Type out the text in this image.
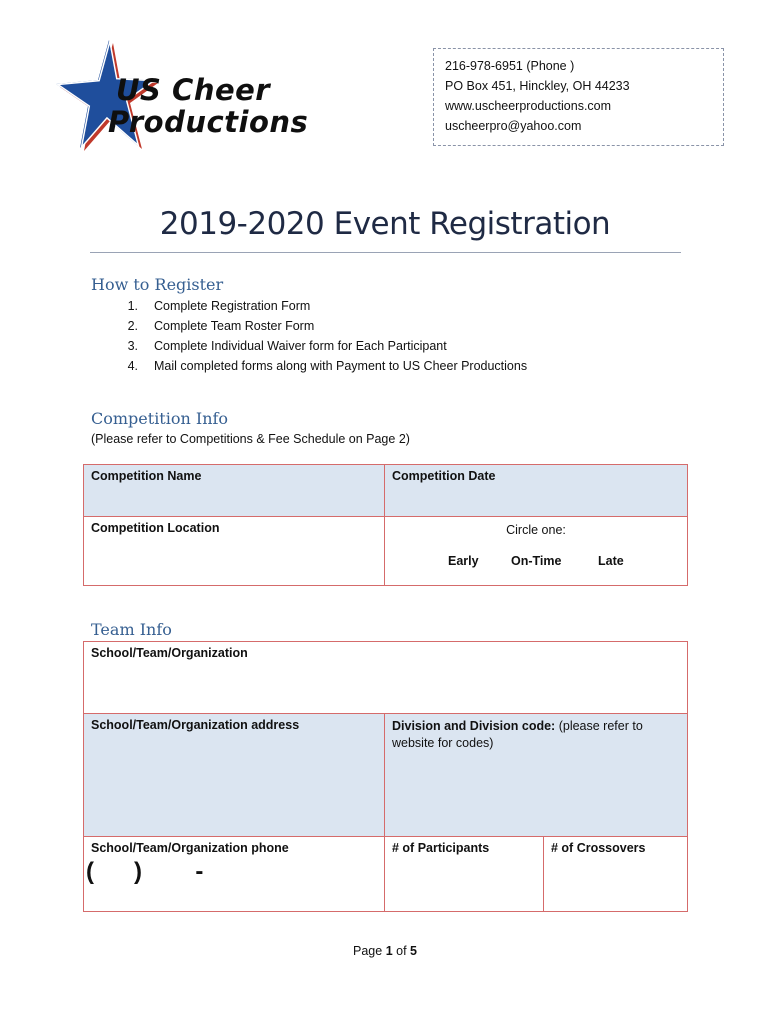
US Cheer
Productions
216-978-6951 (Phone )
PO Box 451, Hinckley, OH 44233
www.uscheerproductions.com
uscheerpro@yahoo.com
2019-2020 Event Registration
How to Register
1. Complete Registration Form
2. Complete Team Roster Form
3. Complete Individual Waiver form for Each Participant
4. Mail completed forms along with Payment to US Cheer Productions
Competition Info
(Please refer to Competitions & Fee Schedule on Page 2)
Competition Name	Competition Date

Competition Location	Circle one:
Early On-Time Late
Team Info
School/Team/Organization		

School/Team/Organization address	Division and Division code: (please refer to website for codes)	

School/Team/Organization phone	# of Participants	# of Crossovers
(      )        -
Page 1 of 5
